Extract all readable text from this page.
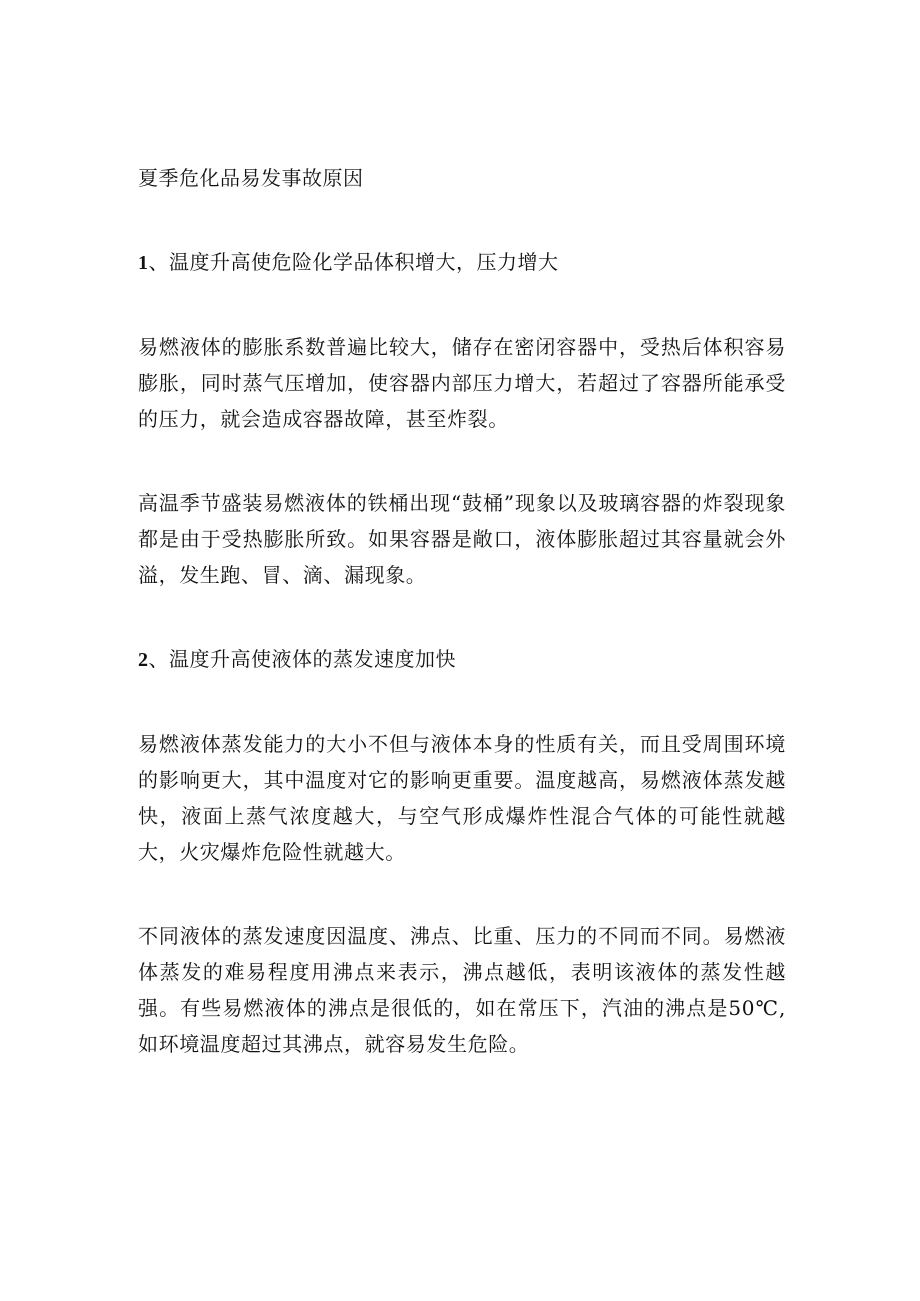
夏季危化品易发事故原因

1、温度升高使危险化学品体积增大，压力增大

易燃液体的膨胀系数普遍比较大，储存在密闭容器中，受热后体积容易膨胀，同时蒸气压增加，使容器内部压力增大，若超过了容器所能承受的压力，就会造成容器故障，甚至炸裂。

高温季节盛装易燃液体的铁桶出现“鼓桶”现象以及玻璃容器的炸裂现象都是由于受热膨胀所致。如果容器是敞口，液体膨胀超过其容量就会外溢，发生跑、冒、滴、漏现象。

2、温度升高使液体的蒸发速度加快

易燃液体蒸发能力的大小不但与液体本身的性质有关，而且受周围环境的影响更大，其中温度对它的影响更重要。温度越高，易燃液体蒸发越快，液面上蒸气浓度越大，与空气形成爆炸性混合气体的可能性就越大，火灾爆炸危险性就越大。

不同液体的蒸发速度因温度、沸点、比重、压力的不同而不同。易燃液体蒸发的难易程度用沸点来表示，沸点越低，表明该液体的蒸发性越强。有些易燃液体的沸点是很低的，如在常压下，汽油的沸点是50℃,如环境温度超过其沸点，就容易发生危险。
